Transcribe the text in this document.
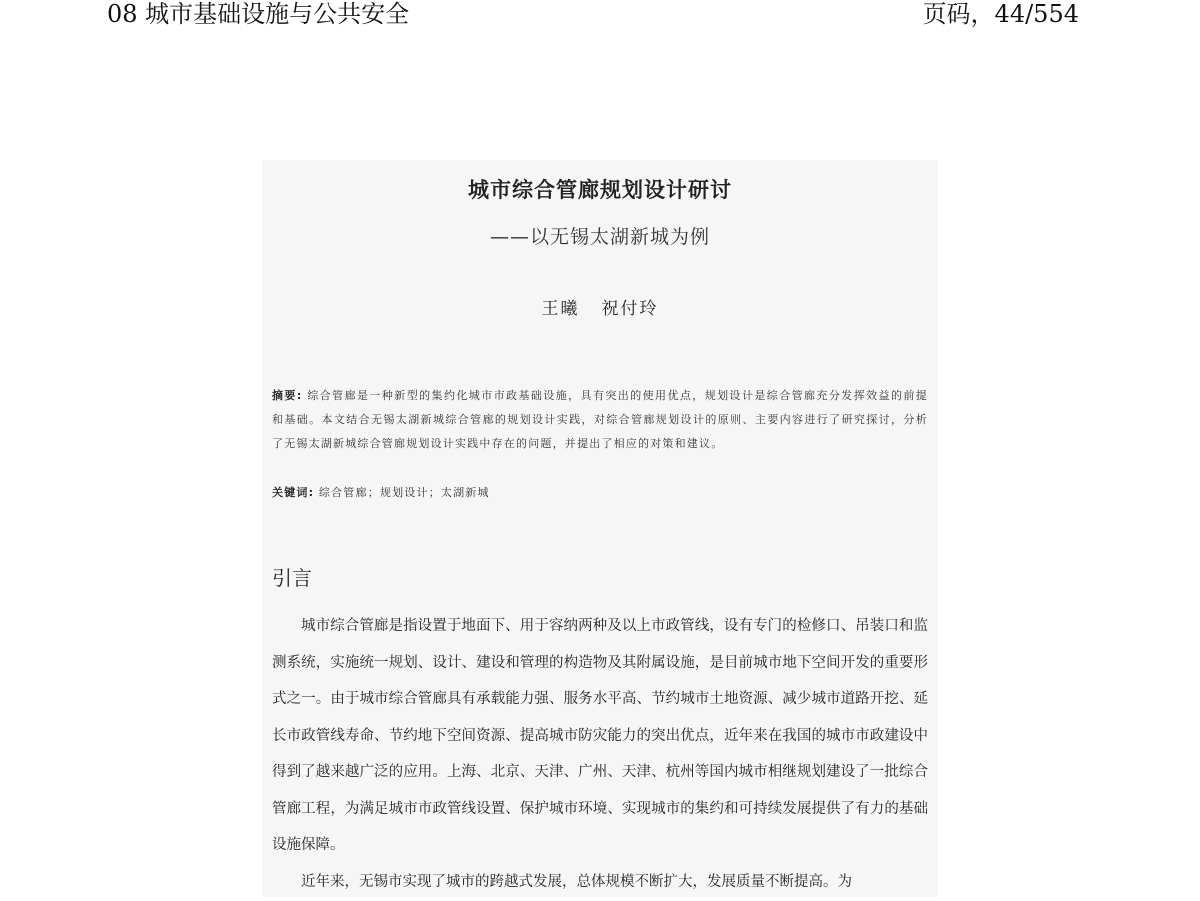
08 城市基础设施与公共安全	页码，44/554
城市综合管廊规划设计研讨
——以无锡太湖新城为例
王曦 祝付玲
摘要: 综合管廊是一种新型的集约化城市市政基础设施，具有突出的使用优点，规划设计是综合管廊充分发挥效益的前提和基础。本文结合无锡太湖新城综合管廊的规划设计实践，对综合管廊规划设计的原则、主要内容进行了研究探讨，分析了无锡太湖新城综合管廊规划设计实践中存在的问题，并提出了相应的对策和建议。
关键词: 综合管廊；规划设计；太湖新城
引言

城市综合管廊是指设置于地面下、用于容纳两种及以上市政管线，设有专门的检修口、吊装口和监测系统，实施统一规划、设计、建设和管理的构造物及其附属设施，是目前城市地下空间开发的重要形式之一。由于城市综合管廊具有承载能力强、服务水平高、节约城市土地资源、减少城市道路开挖、延长市政管线寿命、节约地下空间资源、提高城市防灾能力的突出优点，近年来在我国的城市市政建设中得到了越来越广泛的应用。上海、北京、天津、广州、天津、杭州等国内城市相继规划建设了一批综合管廊工程，为满足城市市政管线设置、保护城市环境、实现城市的集约和可持续发展提供了有力的基础设施保障。

近年来，无锡市实现了城市的跨越式发展，总体规模不断扩大，发展质量不断提高。为
